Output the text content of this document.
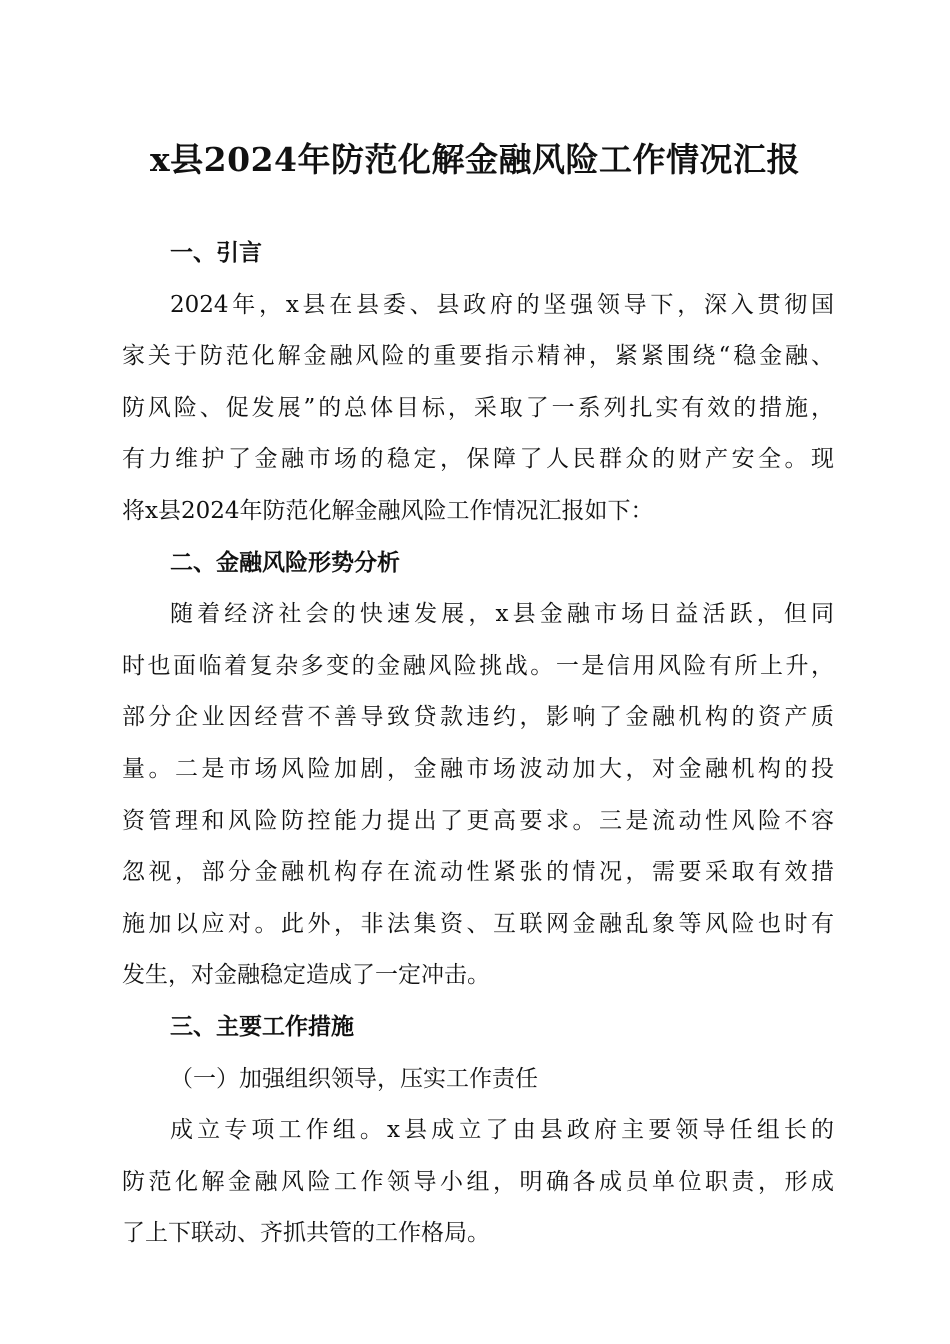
x县2024年防范化解金融风险工作情况汇报
一、引言
2024年，x县在县委、县政府的坚强领导下，深入贯彻国
家关于防范化解金融风险的重要指示精神，紧紧围绕“稳金融、
防风险、促发展”的总体目标，采取了一系列扎实有效的措施，
有力维护了金融市场的稳定，保障了人民群众的财产安全。现
将x县2024年防范化解金融风险工作情况汇报如下：
二、金融风险形势分析
随着经济社会的快速发展，x县金融市场日益活跃，但同
时也面临着复杂多变的金融风险挑战。一是信用风险有所上升，
部分企业因经营不善导致贷款违约，影响了金融机构的资产质
量。二是市场风险加剧，金融市场波动加大，对金融机构的投
资管理和风险防控能力提出了更高要求。三是流动性风险不容
忽视，部分金融机构存在流动性紧张的情况，需要采取有效措
施加以应对。此外，非法集资、互联网金融乱象等风险也时有
发生，对金融稳定造成了一定冲击。
三、主要工作措施
（一）加强组织领导，压实工作责任
成立专项工作组。x县成立了由县政府主要领导任组长的
防范化解金融风险工作领导小组，明确各成员单位职责，形成
了上下联动、齐抓共管的工作格局。
